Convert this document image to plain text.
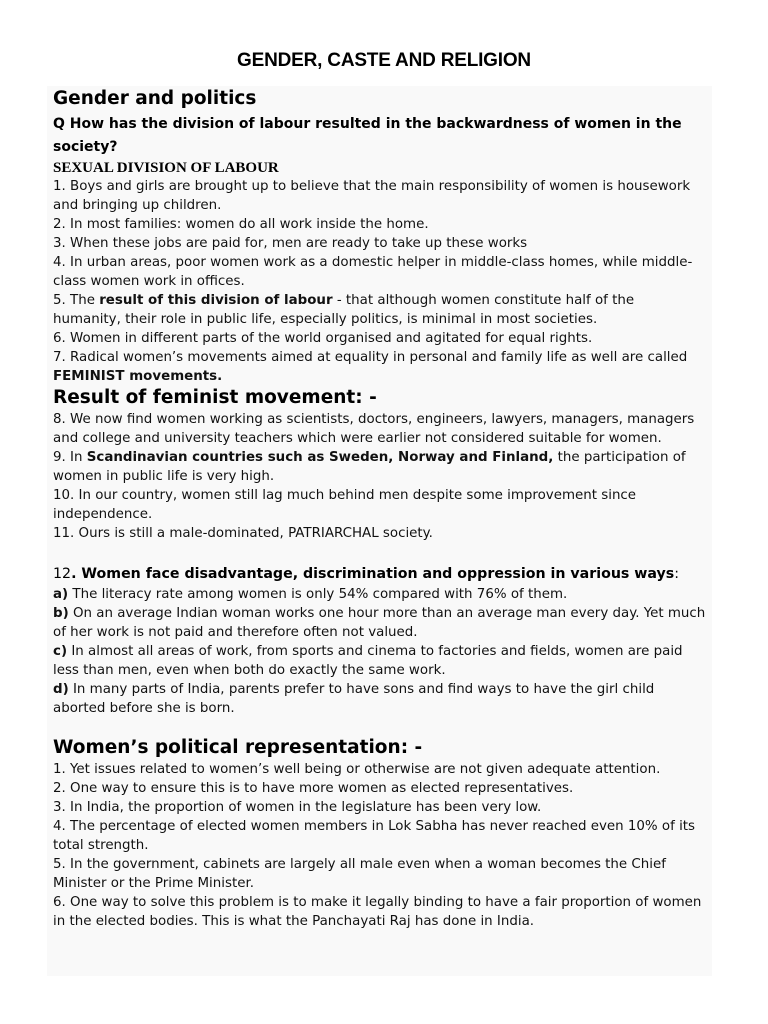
GENDER, CASTE AND RELIGION
Gender and politics
Q How has the division of labour resulted in the backwardness of women in the society?
SEXUAL DIVISION OF LABOUR
1. Boys and girls are brought up to believe that the main responsibility of women is housework and bringing up children.
2. In most families: women do all work inside the home.
3. When these jobs are paid for, men are ready to take up these works
4. In urban areas, poor women work as a domestic helper in middle-class homes, while middle-class women work in offices.
5. The result of this division of labour - that although women constitute half of the humanity, their role in public life, especially politics, is minimal in most societies.
6. Women in different parts of the world organised and agitated for equal rights.
7. Radical women’s movements aimed at equality in personal and family life as well are called
FEMINIST movements.
Result of feminist movement: -
8. We now find women working as scientists, doctors, engineers, lawyers, managers, managers and college and university teachers which were earlier not considered suitable for women.
9. In Scandinavian countries such as Sweden, Norway and Finland, the participation of women in public life is very high.
10. In our country, women still lag much behind men despite some improvement since independence.
11. Ours is still a male-dominated, PATRIARCHAL society.
12. Women face disadvantage, discrimination and oppression in various ways:
a) The literacy rate among women is only 54% compared with 76% of them.
b) On an average Indian woman works one hour more than an average man every day. Yet much of her work is not paid and therefore often not valued.
c) In almost all areas of work, from sports and cinema to factories and fields, women are paid less than men, even when both do exactly the same work.
d) In many parts of India, parents prefer to have sons and find ways to have the girl child aborted before she is born.
Women’s political representation: -
1. Yet issues related to women’s well being or otherwise are not given adequate attention.
2. One way to ensure this is to have more women as elected representatives.
3. In India, the proportion of women in the legislature has been very low.
4. The percentage of elected women members in Lok Sabha has never reached even 10% of its total strength.
5. In the government, cabinets are largely all male even when a woman becomes the Chief Minister or the Prime Minister.
6. One way to solve this problem is to make it legally binding to have a fair proportion of women in the elected bodies. This is what the Panchayati Raj has done in India.
